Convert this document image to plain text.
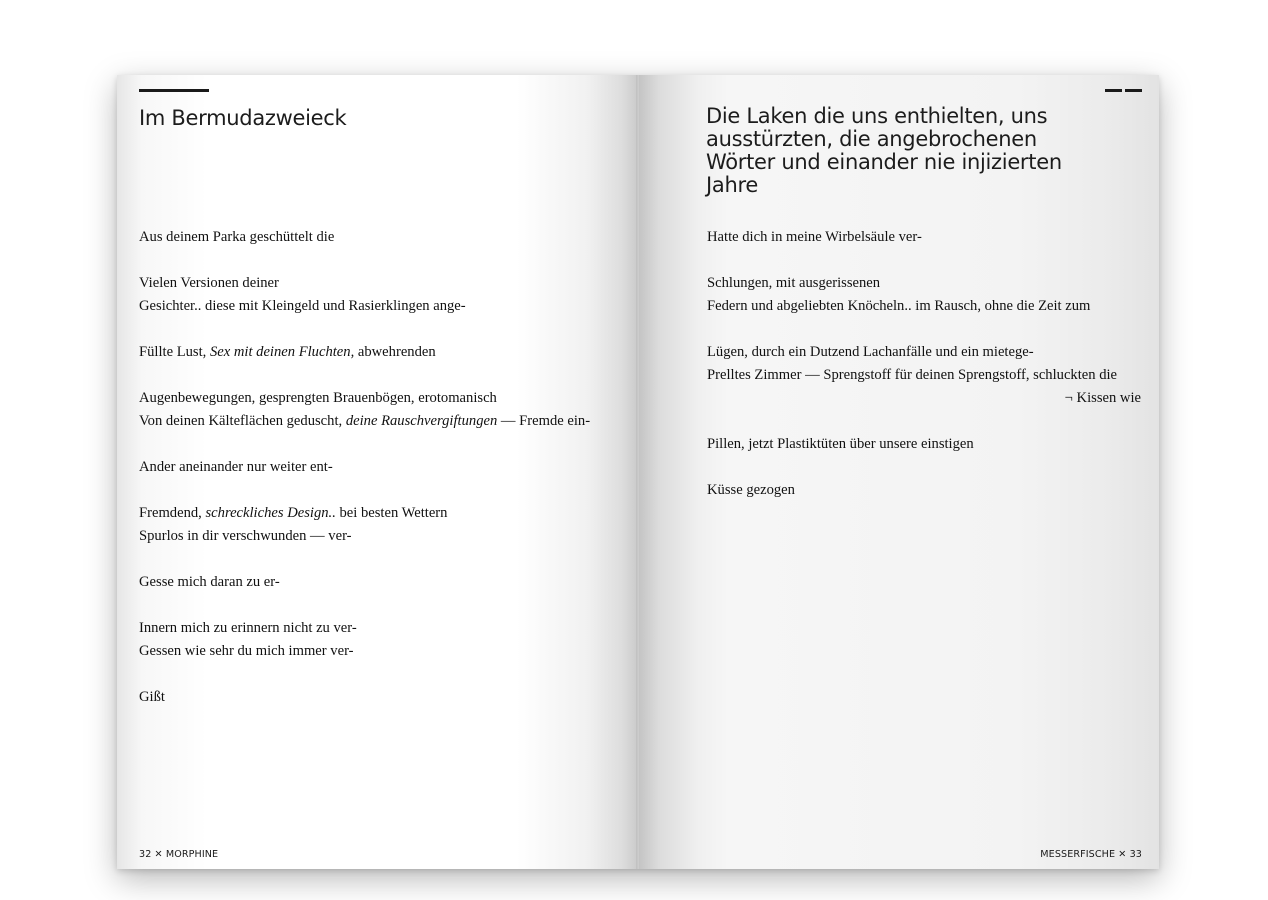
Im Bermudazweieck
Aus deinem Parka geschüttelt die
Vielen Versionen deiner
Gesichter.. diese mit Kleingeld und Rasierklingen ange-
Füllte Lust, Sex mit deinen Fluchten, abwehrenden
Augenbewegungen, gesprengten Brauenbögen, erotomanisch
Von deinen Kälteflächen geduscht, deine Rauschvergiftungen — Fremde ein-
Ander aneinander nur weiter ent-
Fremdend, schreckliches Design.. bei besten Wettern
Spurlos in dir verschwunden — ver-
Gesse mich daran zu er-
Innern mich zu erinnern nicht zu ver-
Gessen wie sehr du mich immer ver-
Gißt
32 ✕ MORPHINE
Die Laken die uns enthielten, uns ausstürzten, die angebrochenen Wörter und einander nie injizierten Jahre
Hatte dich in meine Wirbelsäule ver-
Schlungen, mit ausgerissenen
Federn und abgeliebten Knöcheln.. im Rausch, ohne die Zeit zum
Lügen, durch ein Dutzend Lachanfälle und ein mietege-
Prelltes Zimmer — Sprengstoff für deinen Sprengstoff, schluckten die
¬ Kissen wie
Pillen, jetzt Plastiktüten über unsere einstigen
Küsse gezogen
MESSERFISCHE ✕ 33
